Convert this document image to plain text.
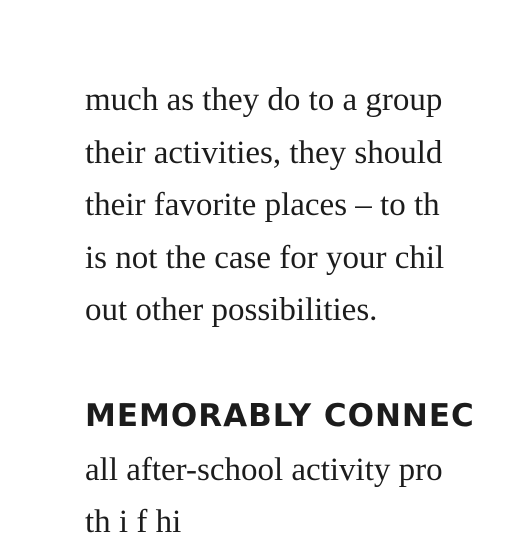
much as they do to a group
their activities, they should
their favorite places – to th
is not the case for your chil
out other possibilities.
MEMORABLY CONNEC
all after-school activity pro
th i f hi
